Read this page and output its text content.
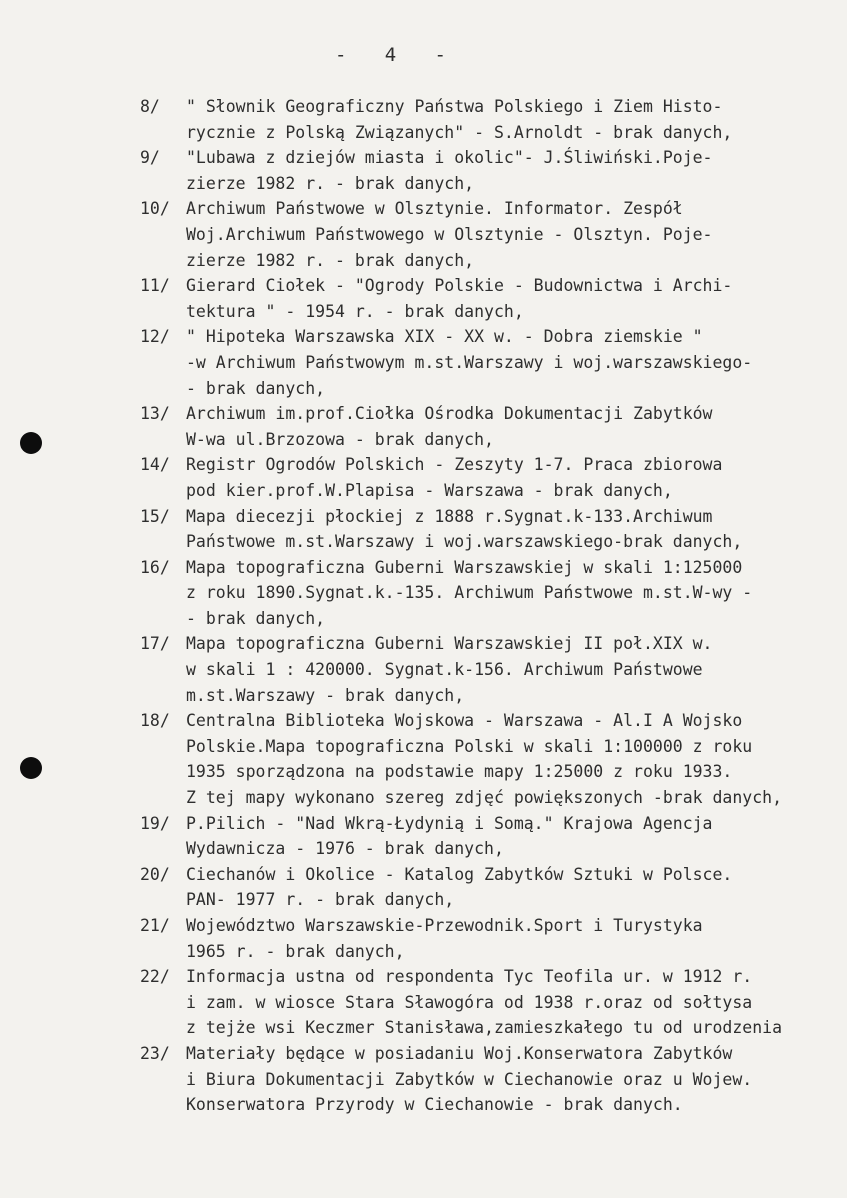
-   4   -
8/	" Słownik Geograficzny Państwa Polskiego i Ziem Histo-
rycznie z Polską Związanych" - S.Arnoldt - brak danych,
9/	"Lubawa z dziejów miasta i okolic"- J.Śliwiński.Poje-
zierze 1982 r. - brak danych,
10/ Archiwum Państwowe w Olsztynie. Informator. Zespół
Woj.Archiwum Państwowego w Olsztynie - Olsztyn. Poje-
zierze 1982 r. - brak danych,
11/ Gierard Ciołek - "Ogrody Polskie - Budownictwa i Archi-
tektura " - 1954 r. - brak danych,
12/ " Hipoteka Warszawska XIX - XX w. - Dobra ziemskie "
-w Archiwum Państwowym m.st.Warszawy i woj.warszawskiego-
- brak danych,
13/ Archiwum im.prof.Ciołka Ośrodka Dokumentacji Zabytków
W-wa ul.Brzozowa - brak danych,
14/ Registr Ogrodów Polskich - Zeszyty 1-7. Praca zbiorowa
pod kier.prof.W.Plapisa - Warszawa - brak danych,
15/ Mapa diecezji płockiej z 1888 r.Sygnat.k-133.Archiwum
Państwowe m.st.Warszawy i woj.warszawskiego-brak danych,
16/ Mapa topograficzna Guberni Warszawskiej w skali 1:125000
z roku 1890.Sygnat.k.-135. Archiwum Państwowe m.st.W-wy -
- brak danych,
17/ Mapa topograficzna Guberni Warszawskiej II poł.XIX w.
w skali 1 : 420000. Sygnat.k-156. Archiwum Państwowe
m.st.Warszawy - brak danych,
18/ Centralna Biblioteka Wojskowa - Warszawa - Al.I A Wojsko
Polskie.Mapa topograficzna Polski w skali 1:100000 z roku
1935 sporządzona na podstawie mapy 1:25000 z roku 1933.
Z tej mapy wykonano szereg zdjęć powiększonych -brak danych,
19/ P.Pilich - "Nad Wkrą-Łydynią i Somą." Krajowa Agencja
Wydawnicza - 1976 - brak danych,
20/ Ciechanów i Okolice - Katalog Zabytków Sztuki w Polsce.
PAN- 1977 r. - brak danych,
21/ Województwo Warszawskie-Przewodnik.Sport i Turystyka
1965 r. - brak danych,
22/ Informacja ustna od respondenta Tyc Teofila ur. w 1912 r.
i zam. w wiosce Stara Sławogóra od 1938 r.oraz od sołtysa
z tejże wsi Keczmer Stanisława,zamieszkałego tu od urodzenia
23/ Materiały będące w posiadaniu Woj.Konserwatora Zabytków
i Biura Dokumentacji Zabytków w Ciechanowie oraz u Wojew.
Konserwatora Przyrody w Ciechanowie - brak danych.
